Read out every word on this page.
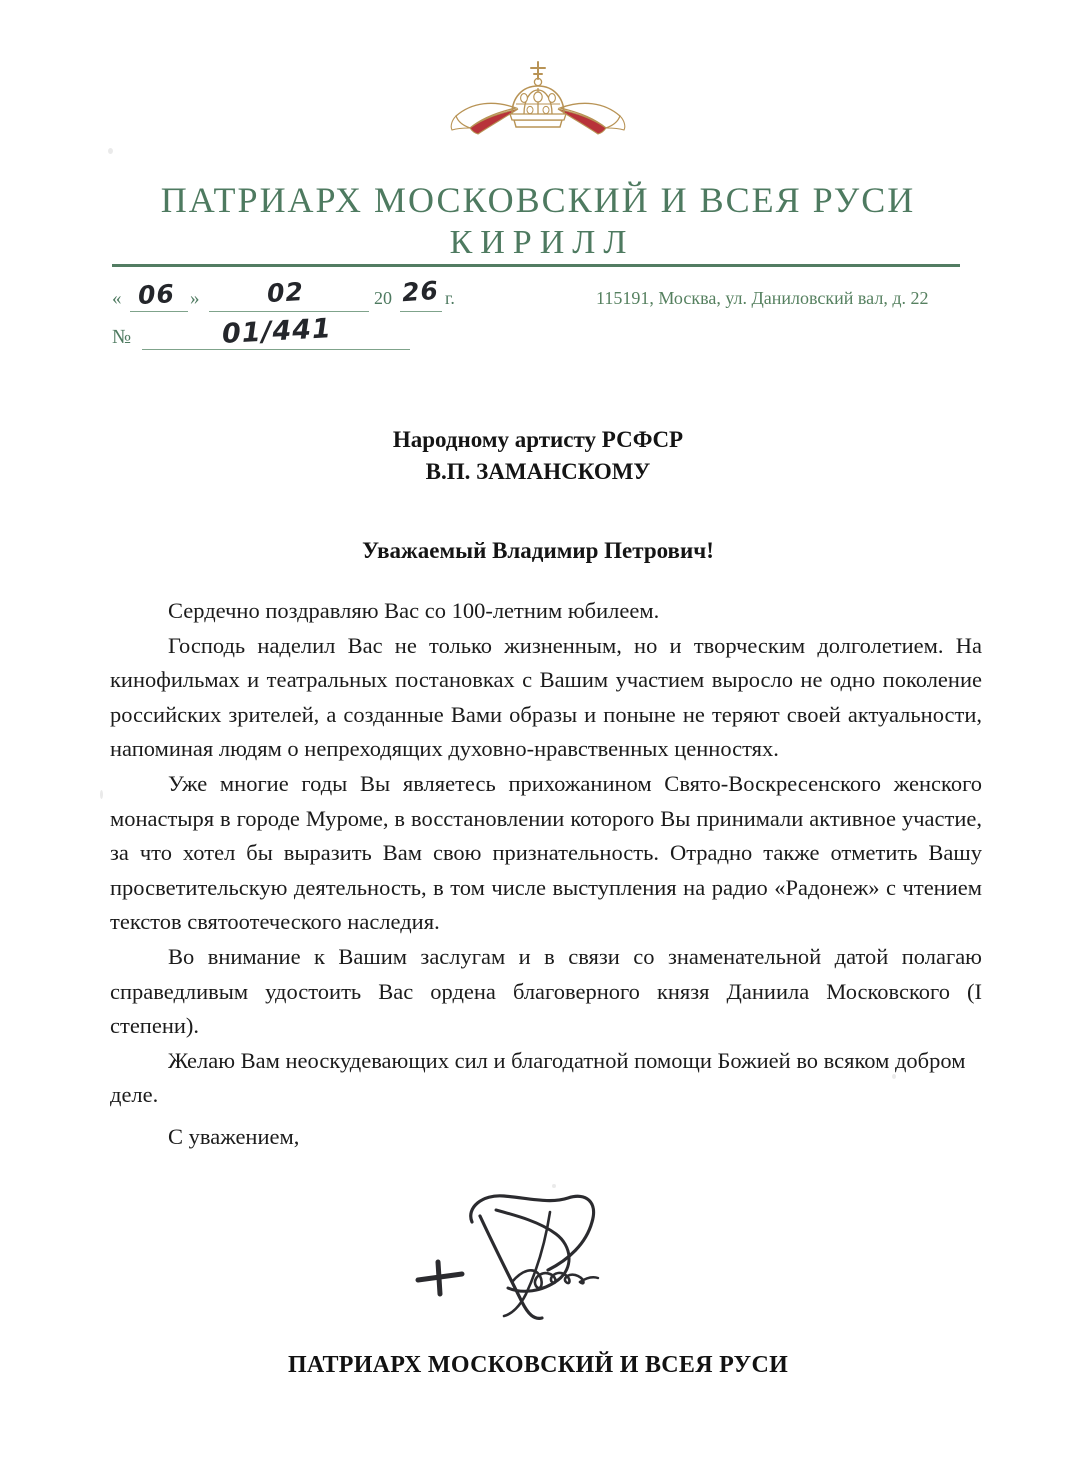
ПАТРИАРХ МОСКОВСКИЙ И ВСЕЯ РУСИ
КИРИЛЛ
« 06 »	02	20 26 г.
№	01/441
115191, Москва, ул. Даниловский вал, д. 22
Народному артисту РСФСР
В.П. ЗАМАНСКОМУ
Уважаемый Владимир Петрович!

Сердечно поздравляю Вас со 100-летним юбилеем.

Господь наделил Вас не только жизненным, но и творческим долголетием. На кинофильмах и театральных постановках с Вашим участием выросло не одно поколение российских зрителей, а созданные Вами образы и поныне не теряют своей актуальности, напоминая людям о непреходящих духовно-нравственных ценностях.

Уже многие годы Вы являетесь прихожанином Свято-Воскресенского женского монастыря в городе Муроме, в восстановлении которого Вы принимали активное участие, за что хотел бы выразить Вам свою признательность. Отрадно также отметить Вашу просветительскую деятельность, в том числе выступления на радио «Радонеж» с чтением текстов святоотеческого наследия.

Во внимание к Вашим заслугам и в связи со знаменательной датой полагаю справедливым удостоить Вас ордена благоверного князя Даниила Московского (I степени).

Желаю Вам неоскудевающих сил и благодатной помощи Божией во всяком добром деле.

С уважением,
ПАТРИАРХ МОСКОВСКИЙ И ВСЕЯ РУСИ
